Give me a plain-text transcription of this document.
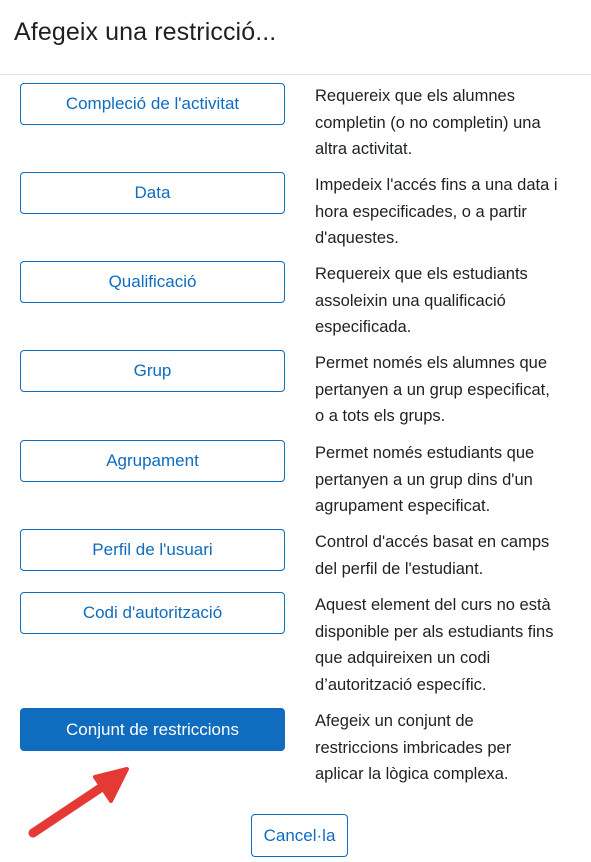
Afegeix una restricció...
Compleció de l'activitat	Requereix que els alumnes
completin (o no completin) una
altra activitat.
Data	Impedeix l'accés fins a una data i
hora especificades, o a partir
d'aquestes.
Qualificació	Requereix que els estudiants
assoleixin una qualificació
especificada.
Grup	Permet només els alumnes que
pertanyen a un grup especificat,
o a tots els grups.
Agrupament	Permet només estudiants que
pertanyen a un grup dins d'un
agrupament especificat.
Perfil de l'usuari	Control d'accés basat en camps
del perfil de l'estudiant.
Codi d'autorització	Aquest element del curs no està
disponible per als estudiants fins
que adquireixen un codi
d’autorització específic.
Conjunt de restriccions	Afegeix un conjunt de
restriccions imbricades per
aplicar la lògica complexa.
Cancel·la
